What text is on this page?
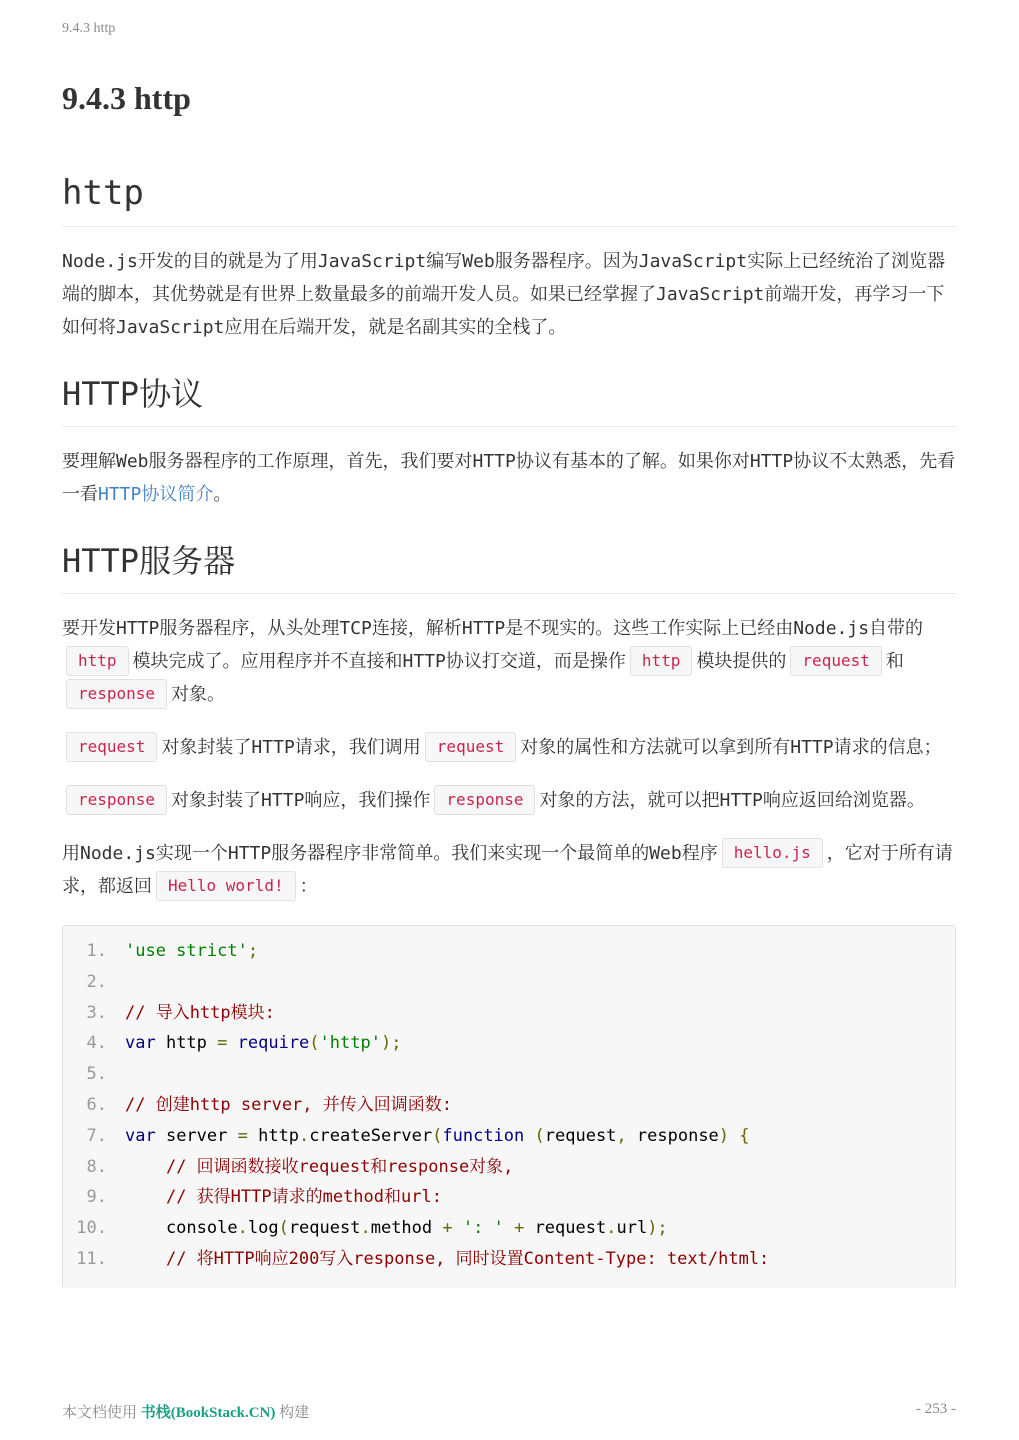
9.4.3 http
9.4.3 http
http

Node.js开发的目的就是为了用JavaScript编写Web服务器程序。因为JavaScript实际上已经统治了浏览器端的脚本，其优势就是有世界上数量最多的前端开发人员。如果已经掌握了JavaScript前端开发，再学习一下如何将JavaScript应用在后端开发，就是名副其实的全栈了。

HTTP协议

要理解Web服务器程序的工作原理，首先，我们要对HTTP协议有基本的了解。如果你对HTTP协议不太熟悉，先看一看HTTP协议简介。

HTTP服务器

要开发HTTP服务器程序，从头处理TCP连接，解析HTTP是不现实的。这些工作实际上已经由Node.js自带的http 模块完成了。应用程序并不直接和HTTP协议打交道，而是操作 http 模块提供的 request 和response 对象。

request 对象封装了HTTP请求，我们调用 request 对象的属性和方法就可以拿到所有HTTP请求的信息；

response 对象封装了HTTP响应，我们操作 response 对象的方法，就可以把HTTP响应返回给浏览器。

用Node.js实现一个HTTP服务器程序非常简单。我们来实现一个最简单的Web程序 hello.js ，它对于所有请求，都返回 Hello world! ：

1.	'use strict';
2.
3.	// 导入http模块:
4.	var http = require('http');
5.
6.	// 创建http server, 并传入回调函数:
7.	var server = http.createServer(function (request, response) {
8.	// 回调函数接收request和response对象,
9.	// 获得HTTP请求的method和url:
10.	console.log(request.method + ': ' + request.url);
11.	// 将HTTP响应200写入response, 同时设置Content-Type: text/html:
本文档使用 书栈(BookStack.CN) 构建	- 253 -
